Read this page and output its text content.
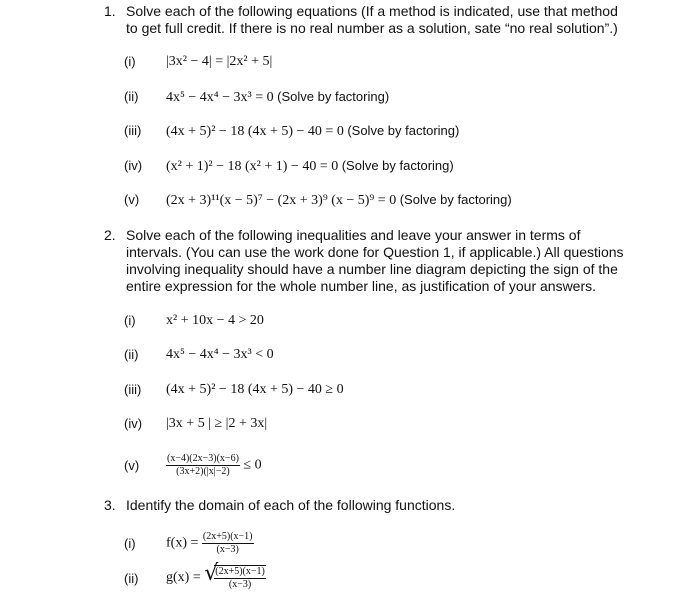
1. Solve each of the following equations (If a method is indicated, use that method
to get full credit. If there is no real number as a solution, sate “no real solution”.)
(i) |3x² − 4| = |2x² + 5|
(ii) 4x⁵ − 4x⁴ − 3x³ = 0 (Solve by factoring)
(iii) (4x + 5)² − 18 (4x + 5) − 40 = 0 (Solve by factoring)
(iv) (x² + 1)² − 18 (x² + 1) − 40 = 0 (Solve by factoring)
(v) (2x + 3)¹¹(x − 5)⁷ − (2x + 3)⁹ (x − 5)⁹ = 0 (Solve by factoring)
2. Solve each of the following inequalities and leave your answer in terms of
intervals. (You can use the work done for Question 1, if applicable.) All questions
involving inequality should have a number line diagram depicting the sign of the
entire expression for the whole number line, as justification of your answers.
(i) x² + 10x − 4 > 20
(ii) 4x⁵ − 4x⁴ − 3x³ < 0
(iii) (4x + 5)² − 18 (4x + 5) − 40 ≥ 0
(iv) |3x + 5 | ≥ |2 + 3x|
(v)	$\frac{(x-4)(2x-3)(x-6)}{(3x+2)(|x|-2)} \le 0$
3. Identify the domain of each of the following functions.
(i) $f(x) = \frac{(2x+5)(x-1)}{(x-3)}$
(ii) g(x) = √
$\frac{(2x+5)(x-1)}{(x-3)}$
